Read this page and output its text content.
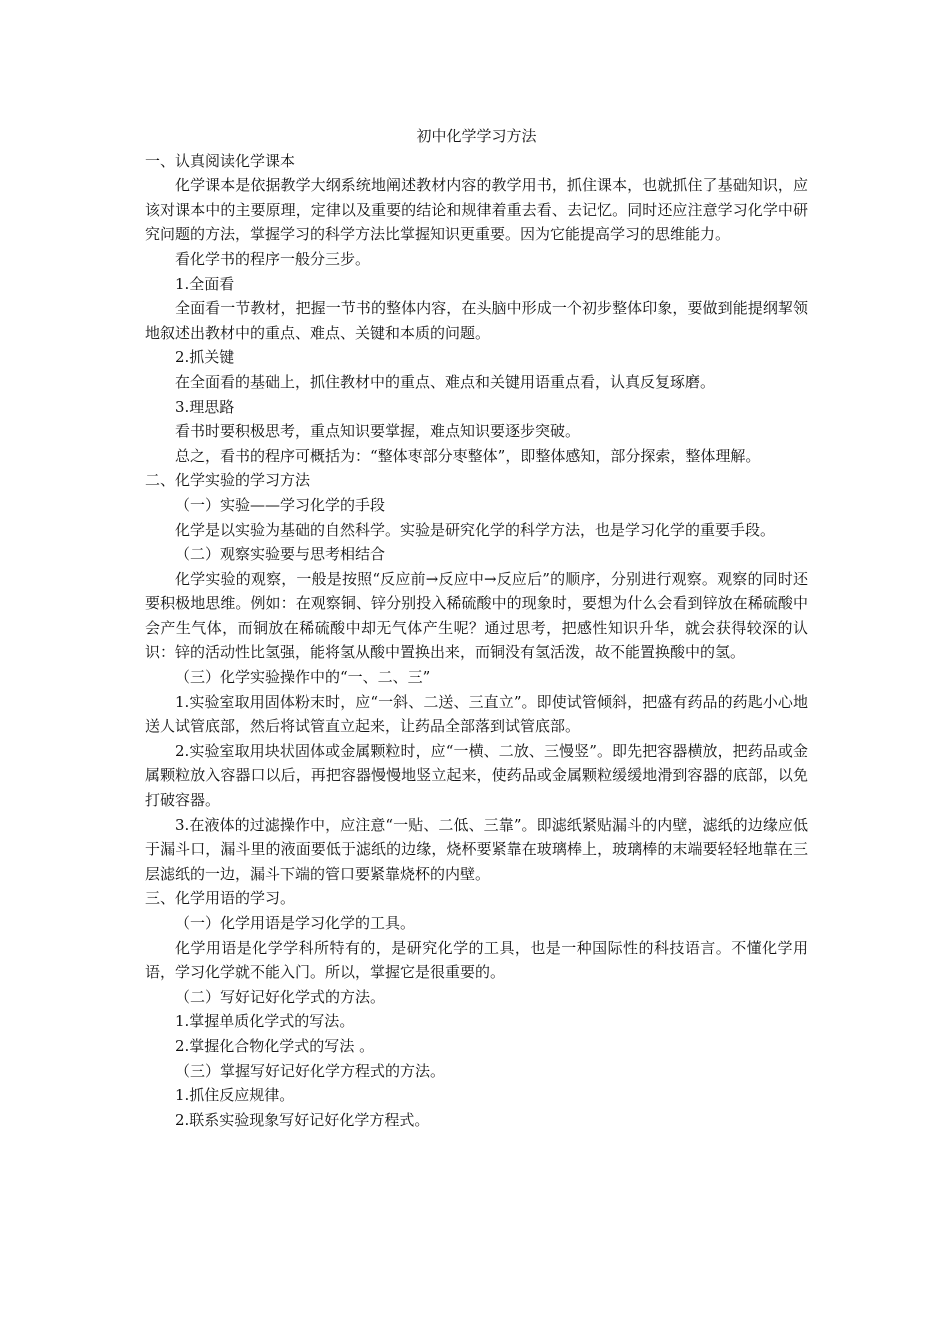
初中化学学习方法

一、认真阅读化学课本

化学课本是依据教学大纲系统地阐述教材内容的教学用书，抓住课本，也就抓住了基础知识，应该对课本中的主要原理，定律以及重要的结论和规律着重去看、去记忆。同时还应注意学习化学中研究问题的方法，掌握学习的科学方法比掌握知识更重要。因为它能提高学习的思维能力。

看化学书的程序一般分三步。

1.全面看

全面看一节教材，把握一节书的整体内容，在头脑中形成一个初步整体印象，要做到能提纲挈领地叙述出教材中的重点、难点、关键和本质的问题。

2.抓关键

在全面看的基础上，抓住教材中的重点、难点和关键用语重点看，认真反复琢磨。

3.理思路

看书时要积极思考，重点知识要掌握，难点知识要逐步突破。

总之，看书的程序可概括为：“整体枣部分枣整体”，即整体感知，部分探索，整体理解。

二、化学实验的学习方法

（一）实验——学习化学的手段

化学是以实验为基础的自然科学。实验是研究化学的科学方法，也是学习化学的重要手段。

（二）观察实验要与思考相结合

化学实验的观察，一般是按照“反应前→反应中→反应后”的顺序，分别进行观察。观察的同时还要积极地思维。例如：在观察铜、锌分别投入稀硫酸中的现象时，要想为什么会看到锌放在稀硫酸中会产生气体，而铜放在稀硫酸中却无气体产生呢？通过思考，把感性知识升华，就会获得较深的认识：锌的活动性比氢强，能将氢从酸中置换出来，而铜没有氢活泼，故不能置换酸中的氢。

（三）化学实验操作中的“一、二、三”

1.实验室取用固体粉末时，应“一斜、二送、三直立”。即使试管倾斜，把盛有药品的药匙小心地送人试管底部，然后将试管直立起来，让药品全部落到试管底部。

2.实验室取用块状固体或金属颗粒时，应“一横、二放、三慢竖”。即先把容器横放，把药品或金属颗粒放入容器口以后，再把容器慢慢地竖立起来，使药品或金属颗粒缓缓地滑到容器的底部，以免打破容器。

3.在液体的过滤操作中，应注意“一贴、二低、三靠”。即滤纸紧贴漏斗的内壁，滤纸的边缘应低于漏斗口，漏斗里的液面要低于滤纸的边缘，烧杯要紧靠在玻璃棒上，玻璃棒的末端要轻轻地靠在三层滤纸的一边，漏斗下端的管口要紧靠烧杯的内壁。

三、化学用语的学习。

（一）化学用语是学习化学的工具。

化学用语是化学学科所特有的，是研究化学的工具，也是一种国际性的科技语言。不懂化学用语，学习化学就不能入门。所以，掌握它是很重要的。

（二）写好记好化学式的方法。

1.掌握单质化学式的写法。

2.掌握化合物化学式的写法 。

（三）掌握写好记好化学方程式的方法。

1.抓住反应规律。

2.联系实验现象写好记好化学方程式。
